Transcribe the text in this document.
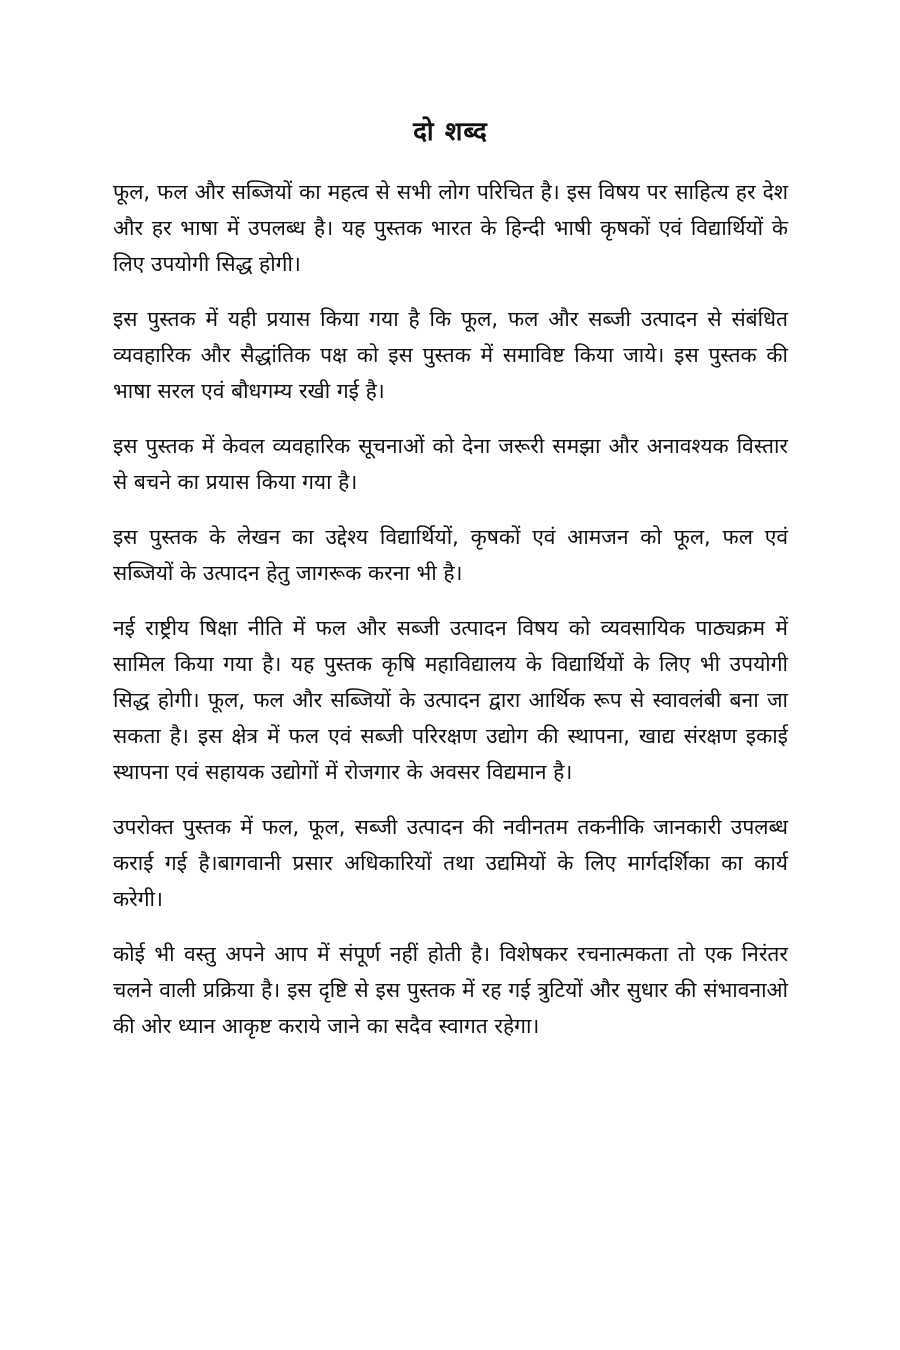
दो शब्द

फूल, फल और सब्जियों का महत्व से सभी लोग परिचित है। इस विषय पर साहित्य हर देश और हर भाषा में उपलब्ध है। यह पुस्तक भारत के हिन्दी भाषी कृषकों एवं विद्यार्थियों के लिए उपयोगी सिद्ध होगी।

इस पुस्तक में यही प्रयास किया गया है कि फूल, फल और सब्जी उत्पादन से संबंधित व्यवहारिक और सैद्धांतिक पक्ष को इस पुस्तक में समाविष्ट किया जाये। इस पुस्तक की भाषा सरल एवं बौधगम्य रखी गई है।

इस पुस्तक में केवल व्यवहारिक सूचनाओं को देना जरूरी समझा और अनावश्यक विस्तार से बचने का प्रयास किया गया है।

इस पुस्तक के लेखन का उद्देश्य विद्यार्थियों, कृषकों एवं आमजन को फूल, फल एवं सब्जियों के उत्पादन हेतु जागरूक करना भी है।

नई राष्ट्रीय षिक्षा नीति में फल और सब्जी उत्पादन विषय को व्यवसायिक पाठ्यक्रम में सामिल किया गया है। यह पुस्तक कृषि महाविद्यालय के विद्यार्थियों के लिए भी उपयोगी सिद्ध होगी। फूल, फल और सब्जियों के उत्पादन द्वारा आर्थिक रूप से स्वावलंबी बना जा सकता है। इस क्षेत्र में फल एवं सब्जी परिरक्षण उद्योग की स्थापना, खाद्य संरक्षण इकाई स्थापना एवं सहायक उद्योगों में रोजगार के अवसर विद्यमान है।

उपरोक्त पुस्तक में फल, फूल, सब्जी उत्पादन की नवीनतम तकनीकि जानकारी उपलब्ध कराई गई है।बागवानी प्रसार अधिकारियों तथा उद्यमियों के लिए मार्गदर्शिका का कार्य करेगी।

कोई भी वस्तु अपने आप में संपूर्ण नहीं होती है। विशेषकर रचनात्मकता तो एक निरंतर चलने वाली प्रक्रिया है। इस दृष्टि से इस पुस्तक में रह गई त्रुटियों और सुधार की संभावनाओ की ओर ध्यान आकृष्ट कराये जाने का सदैव स्वागत रहेगा।
